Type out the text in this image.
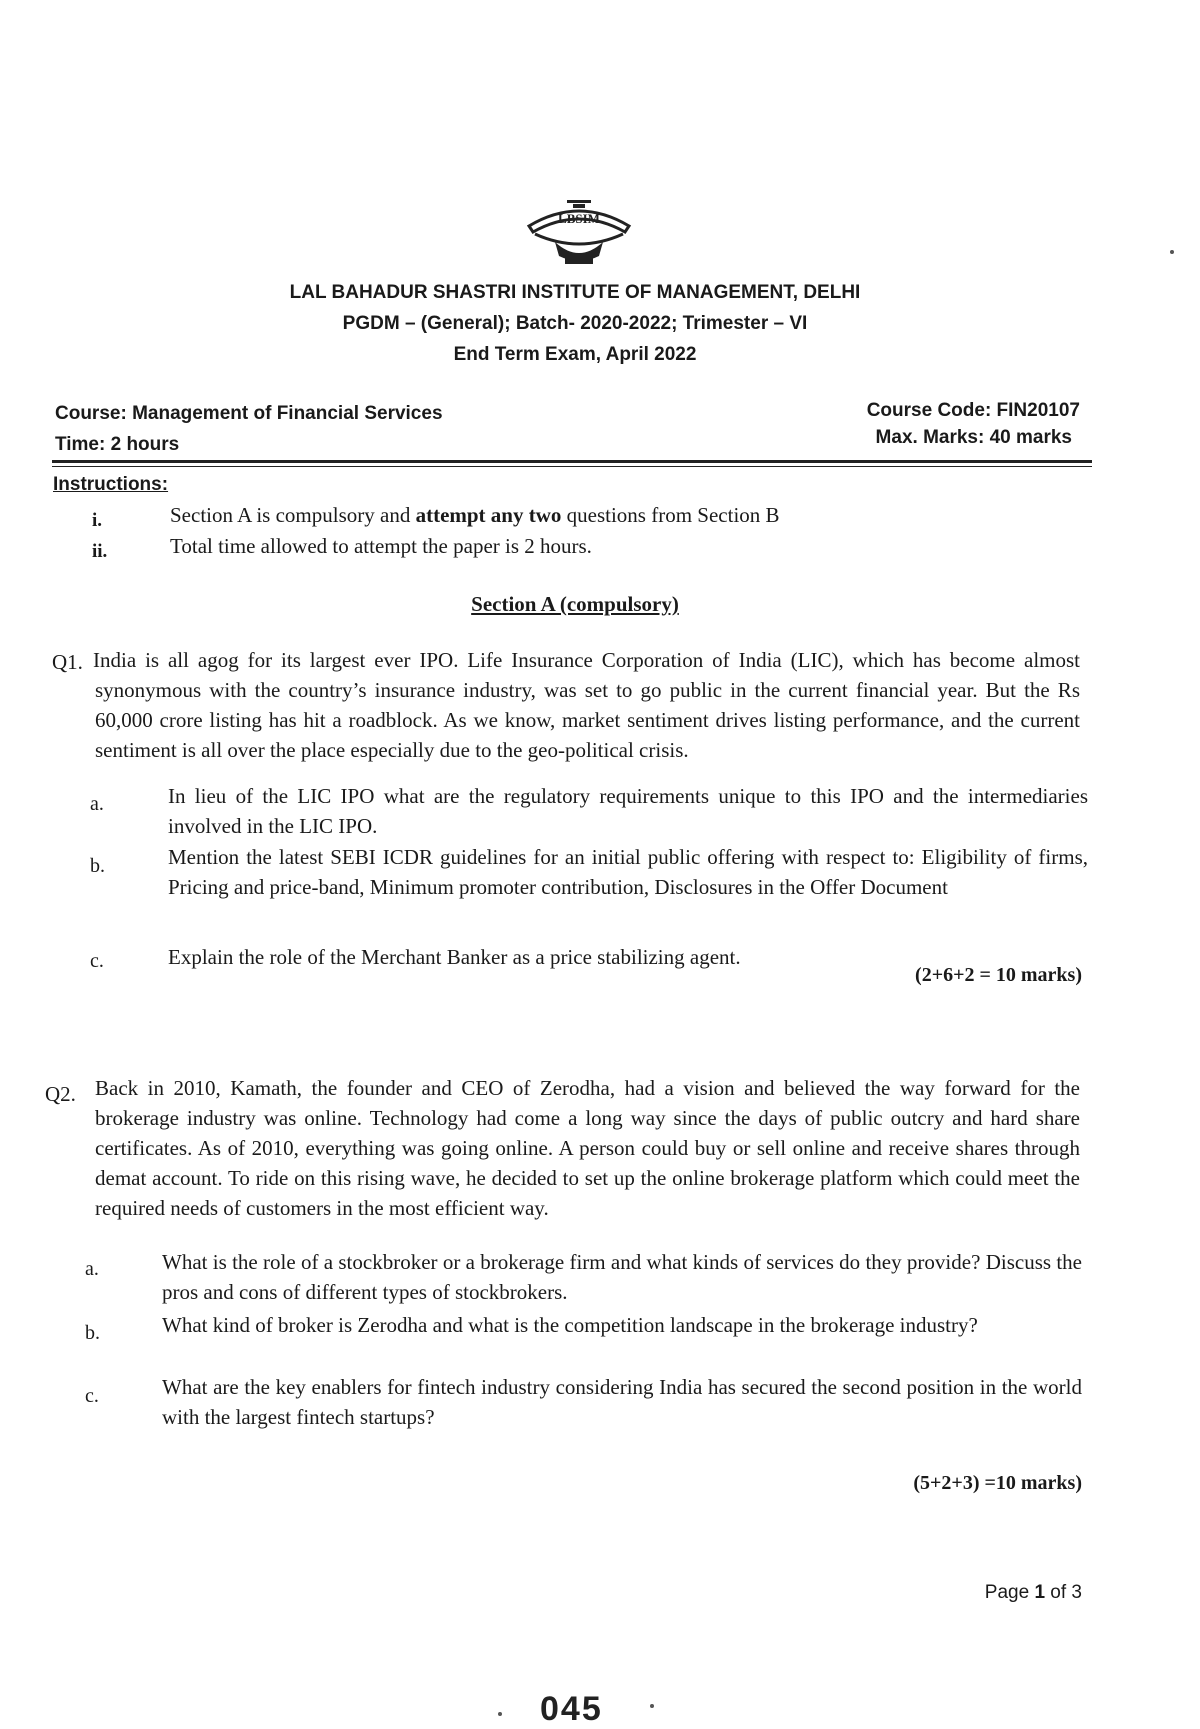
LBSIM
LAL BAHADUR SHASTRI INSTITUTE OF MANAGEMENT, DELHI
PGDM – (General); Batch- 2020-2022; Trimester – VI
End Term Exam, April 2022
Course: Management of Financial Services
Time: 2 hours
Course Code: FIN20107
Max. Marks: 40 marks
Instructions:
i.	Section A is compulsory and attempt any two questions from Section B
ii.	Total time allowed to attempt the paper is 2 hours.
Section A (compulsory)
Q1. India is all agog for its largest ever IPO. Life Insurance Corporation of India (LIC), which has become almost synonymous with the country’s insurance industry, was set to go public in the current financial year. But the Rs 60,000 crore listing has hit a roadblock. As we know, market sentiment drives listing performance, and the current sentiment is all over the place especially due to the geo-political crisis.
a.	In lieu of the LIC IPO what are the regulatory requirements unique to this IPO and the intermediaries involved in the LIC IPO.
b.	Mention the latest SEBI ICDR guidelines for an initial public offering with respect to: Eligibility of firms, Pricing and price-band, Minimum promoter contribution, Disclosures in the Offer Document
c.	Explain the role of the Merchant Banker as a price stabilizing agent.
(2+6+2 = 10 marks)
Q2. Back in 2010, Kamath, the founder and CEO of Zerodha, had a vision and believed the way forward for the brokerage industry was online. Technology had come a long way since the days of public outcry and hard share certificates. As of 2010, everything was going online. A person could buy or sell online and receive shares through demat account. To ride on this rising wave, he decided to set up the online brokerage platform which could meet the required needs of customers in the most efficient way.
a.	What is the role of a stockbroker or a brokerage firm and what kinds of services do they provide? Discuss the pros and cons of different types of stockbrokers.
b.	What kind of broker is Zerodha and what is the competition landscape in the brokerage industry?
c.	What are the key enablers for fintech industry considering India has secured the second position in the world with the largest fintech startups?
(5+2+3) =10 marks)
Page 1 of 3
045
